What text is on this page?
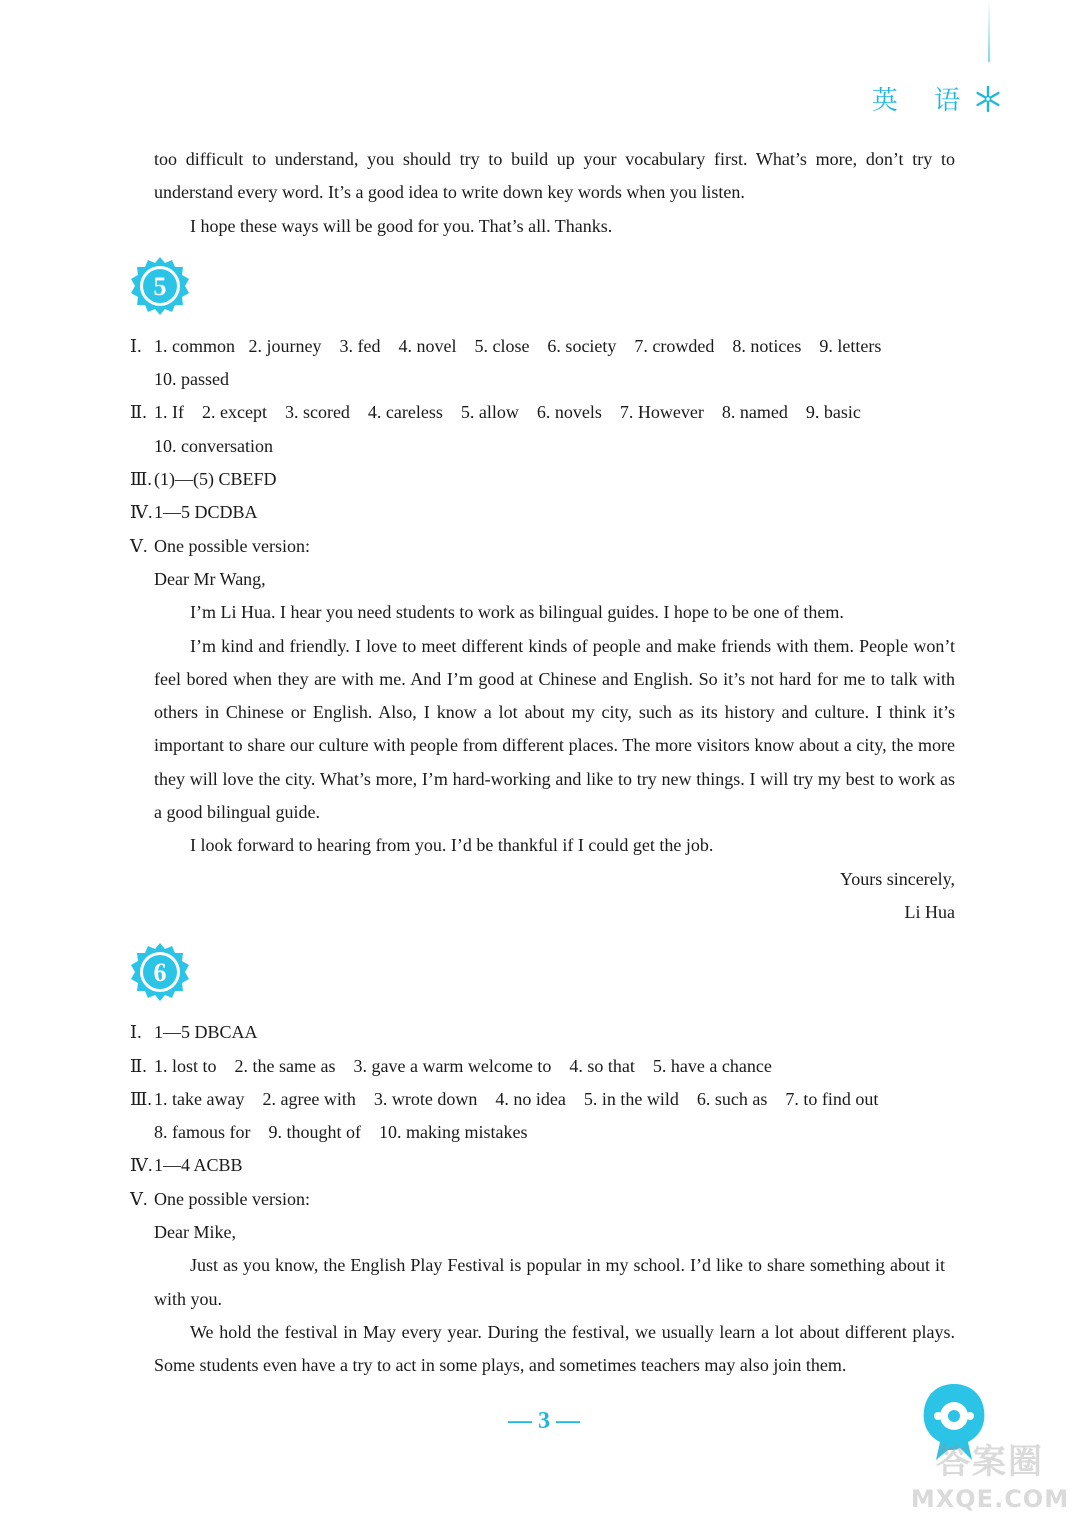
英 语

too difficult to understand, you should try to build up your vocabulary first. What’s more, don’t try to understand every word. It’s a good idea to write down key words when you listen.

I hope these ways will be good for you. That’s all. Thanks.

5
Ⅰ. 1. common   2. journey    3. fed    4. novel    5. close    6. society    7. crowded    8. notices    9. letters

10. passed

Ⅱ. 1. If    2. except    3. scored    4. careless    5. allow    6. novels    7. However    8. named    9. basic

10. conversation

Ⅲ. (1)—(5) CBEFD
Ⅳ. 1—5 DCDBA
Ⅴ. One possible version:

Dear Mr Wang,

I’m Li Hua. I hear you need students to work as bilingual guides. I hope to be one of them.

I’m kind and friendly. I love to meet different kinds of people and make friends with them. People won’t feel bored when they are with me. And I’m good at Chinese and English. So it’s not hard for me to talk with others in Chinese or English. Also, I know a lot about my city, such as its history and culture. I think it’s important to share our culture with people from different places. The more visitors know about a city, the more they will love the city. What’s more, I’m hard-working and like to try new things. I will try my best to work as a good bilingual guide.

I look forward to hearing from you. I’d be thankful if I could get the job.

Yours sincerely,

Li Hua

6
Ⅰ. 1—5 DBCAA
Ⅱ. 1. lost to    2. the same as    3. gave a warm welcome to    4. so that    5. have a chance
Ⅲ. 1. take away    2. agree with    3. wrote down    4. no idea    5. in the wild    6. such as    7. to find out

8. famous for    9. thought of    10. making mistakes

Ⅳ. 1—4 ACBB
Ⅴ. One possible version:

Dear Mike,

Just as you know, the English Play Festival is popular in my school. I’d like to share something about it with you.

We hold the festival in May every year. During the festival, we usually learn a lot about different plays. Some students even have a try to act in some plays, and sometimes teachers may also join them.

— 3 —
答案圈
MXQE.COM
